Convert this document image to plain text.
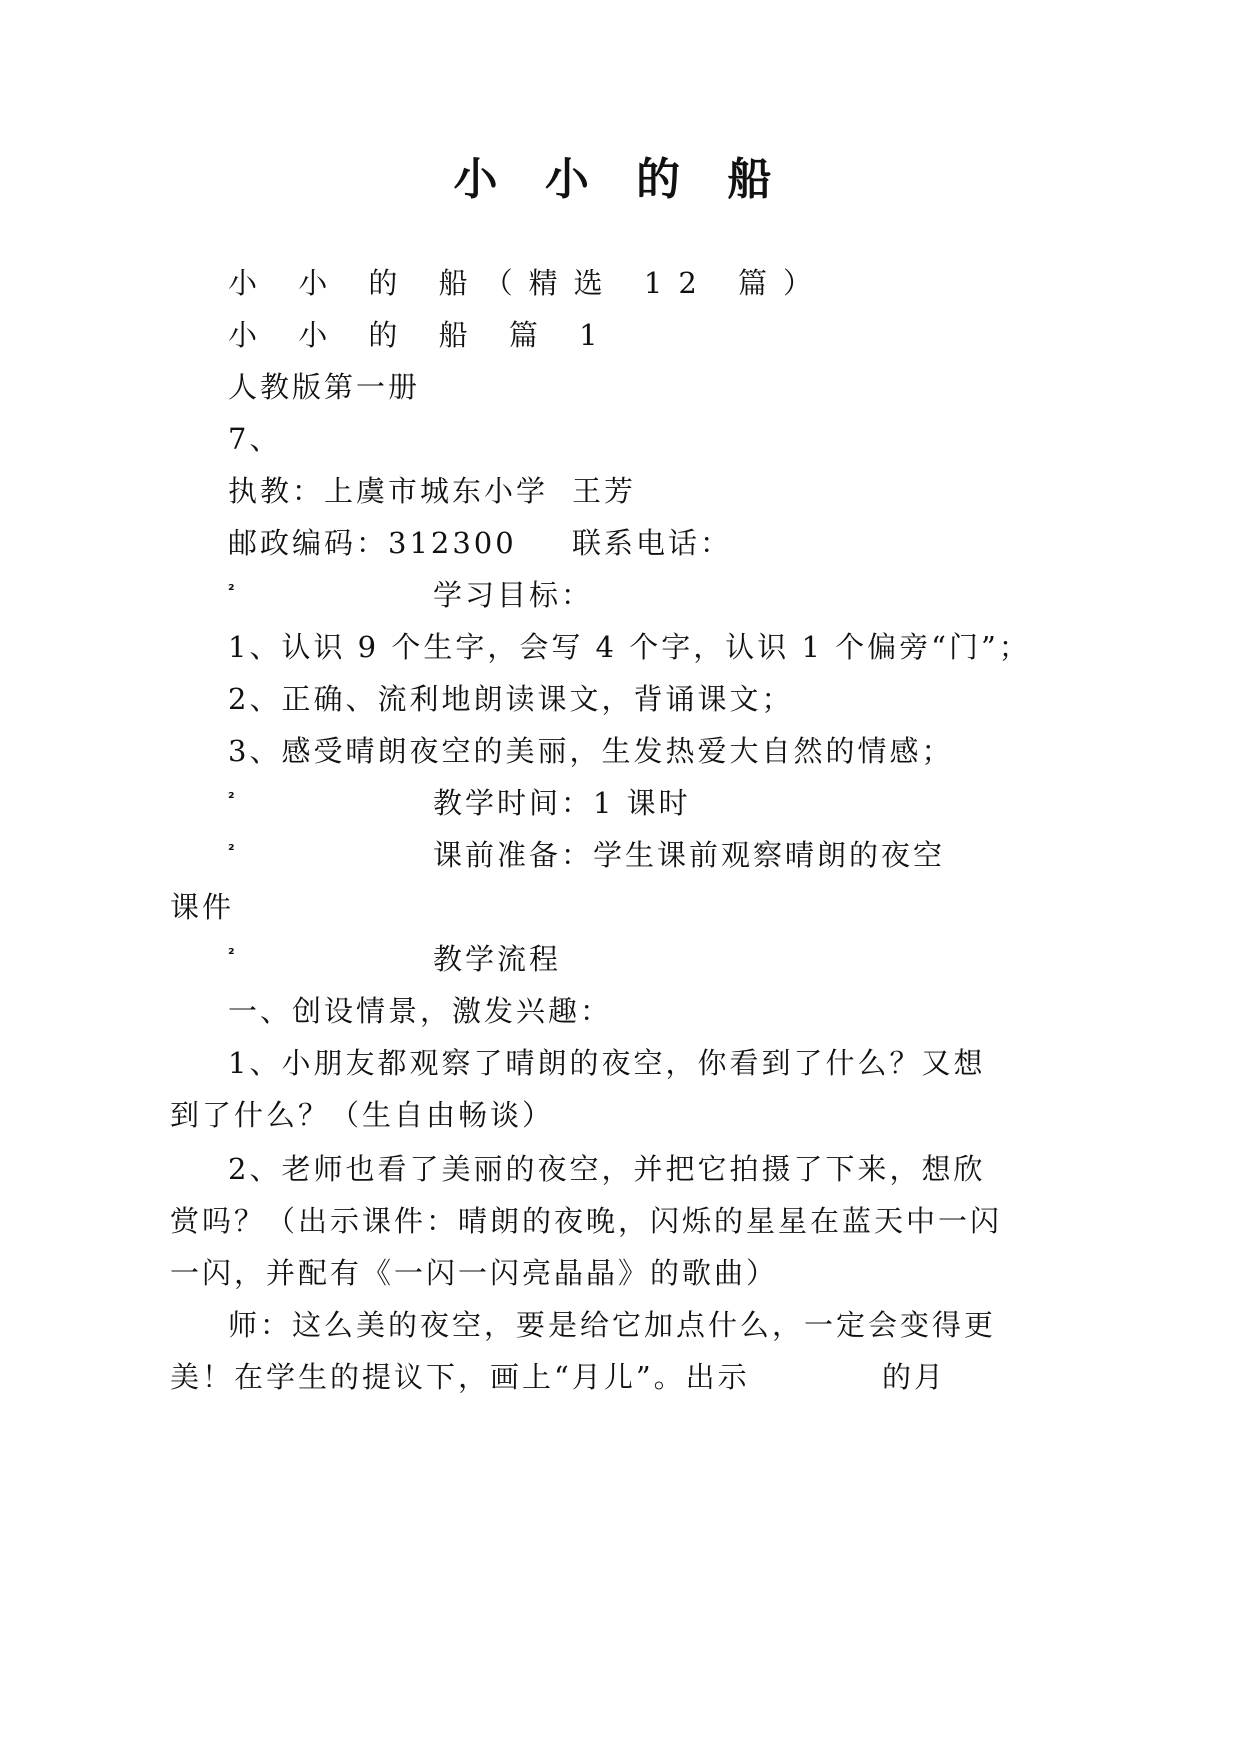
小 小 的 船
小 小 的 船（精选 12 篇）
小 小 的 船 篇 1
人教版第一册
7、
执教：上虞市城东小学 王芳
邮政编码：312300 联系电话：
²	学习目标：
1、认识 9 个生字，会写 4 个字，认识 1 个偏旁“门”；
2、正确、流利地朗读课文，背诵课文；
3、感受晴朗夜空的美丽，生发热爱大自然的情感；
²	教学时间：1 课时
²	课前准备：学生课前观察晴朗的夜空
课件
²	教学流程
一、创设情景，激发兴趣：
1、小朋友都观察了晴朗的夜空，你看到了什么？又想
到了什么？（生自由畅谈）
2、老师也看了美丽的夜空，并把它拍摄了下来，想欣
赏吗？（出示课件：晴朗的夜晚，闪烁的星星在蓝天中一闪
一闪，并配有《一闪一闪亮晶晶》的歌曲）
师：这么美的夜空，要是给它加点什么，一定会变得更
美！在学生的提议下，画上“月儿”。出示	的月
